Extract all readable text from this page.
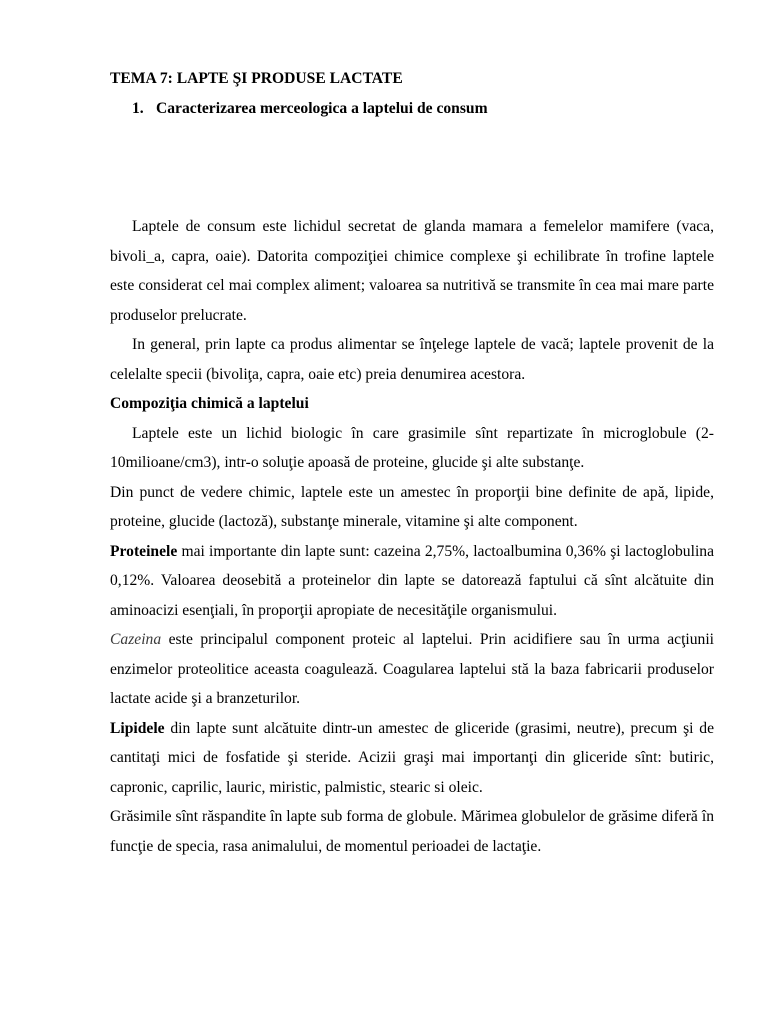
TEMA 7: LAPTE ŞI PRODUSE LACTATE
1. Caracterizarea merceologica a laptelui de consum

Laptele de consum este lichidul secretat de glanda mamara a femelelor mamifere (vaca, bivoli_a, capra, oaie). Datorita compoziţiei chimice complexe şi echilibrate în trofine laptele este considerat cel mai complex aliment; valoarea sa nutritivă se transmite în cea mai mare parte produselor prelucrate.

In general, prin lapte ca produs alimentar se înţelege laptele de vacă; laptele provenit de la celelalte specii (bivoliţa, capra, oaie etc) preia denumirea acestora.

Compoziţia chimică a laptelui

Laptele este un lichid biologic în care grasimile sînt repartizate în microglobule (2-10milioane/cm3), intr-o soluţie apoasă de proteine, glucide şi alte substanţe.

Din punct de vedere chimic, laptele este un amestec în proporţii bine definite de apă, lipide, proteine, glucide (lactoză), substanţe minerale, vitamine şi alte component.

Proteinele mai importante din lapte sunt: cazeina 2,75%, lactoalbumina 0,36% şi lactoglobulina 0,12%. Valoarea deosebită a proteinelor din lapte se datorează faptului că sînt alcătuite din aminoacizi esenţiali, în proporţii apropiate de necesităţile organismului.

Cazeina este principalul component proteic al laptelui. Prin acidifiere sau în urma acţiunii enzimelor proteolitice aceasta coagulează. Coagularea laptelui stă la baza fabricarii produselor lactate acide şi a branzeturilor.

Lipidele din lapte sunt alcătuite dintr-un amestec de gliceride (grasimi, neutre), precum şi de cantitaţi mici de fosfatide şi steride. Acizii graşi mai importanţi din gliceride sînt: butiric, capronic, caprilic, lauric, miristic, palmistic, stearic si oleic.

Grăsimile sînt răspandite în lapte sub forma de globule. Mărimea globulelor de grăsime diferă în funcţie de specia, rasa animalului, de momentul perioadei de lactaţie.
